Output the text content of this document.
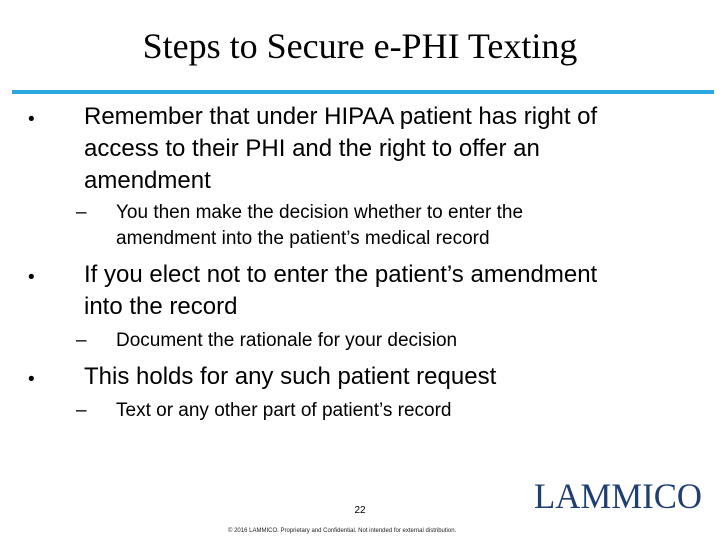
Steps to Secure e-PHI Texting
• Remember that under HIPAA patient has right of
access to their PHI and the right to offer an
amendment
– You then make the decision whether to enter the
amendment into the patient’s medical record
• If you elect not to enter the patient’s amendment
into the record
– Document the rationale for your decision
• This holds for any such patient request
– Text or any other part of patient’s record
22
© 2016 LAMMICO. Proprietary and Confidential. Not intended for external distribution.
LAMMICO
